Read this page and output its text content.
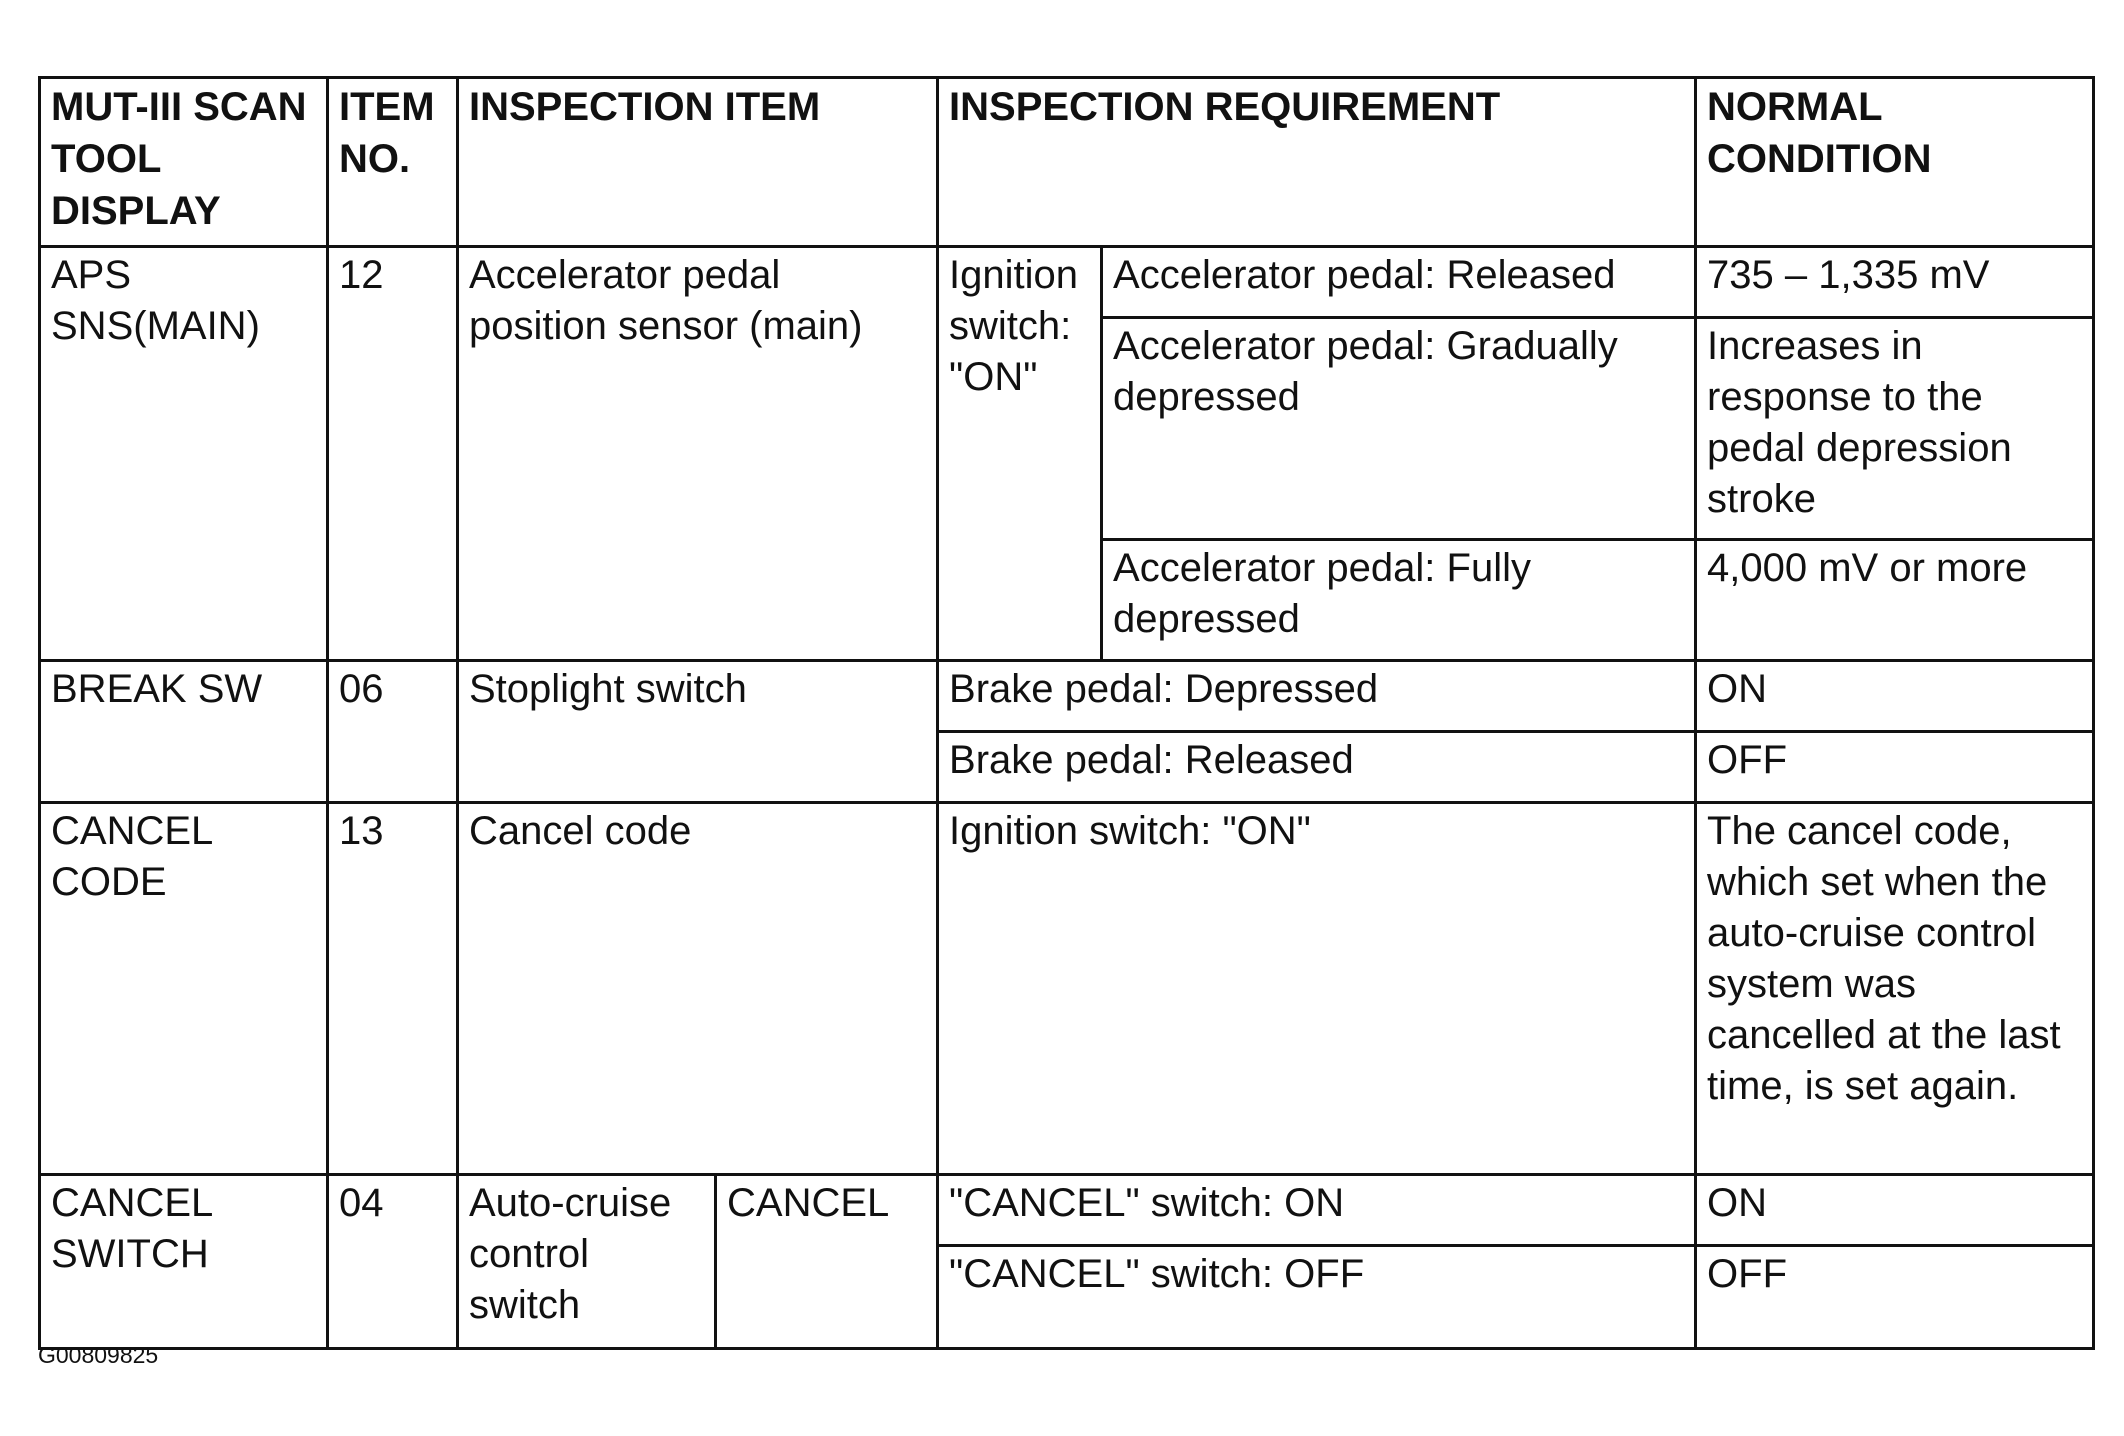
MUT-III SCAN TOOL DISPLAY	ITEM NO.	INSPECTION ITEM		INSPECTION REQUIREMENT		NORMAL CONDITION
APS SNS(MAIN)	12	Accelerator pedal position sensor (main)		Ignition switch: "ON"	Accelerator pedal: Released	735 – 1,335 mV
					Accelerator pedal: Gradually depressed	Increases in response to the pedal depression stroke
					Accelerator pedal: Fully depressed	4,000 mV or more
BREAK SW	06	Stoplight switch		Brake pedal: Depressed		ON
				Brake pedal: Released		OFF
CANCEL CODE	13	Cancel code		Ignition switch: "ON"		The cancel code, which set when the auto-cruise control system was cancelled at the last time, is set again.
CANCEL SWITCH	04	Auto-cruise control switch	CANCEL	"CANCEL" switch: ON		ON
				"CANCEL" switch: OFF		OFF
G00809825
